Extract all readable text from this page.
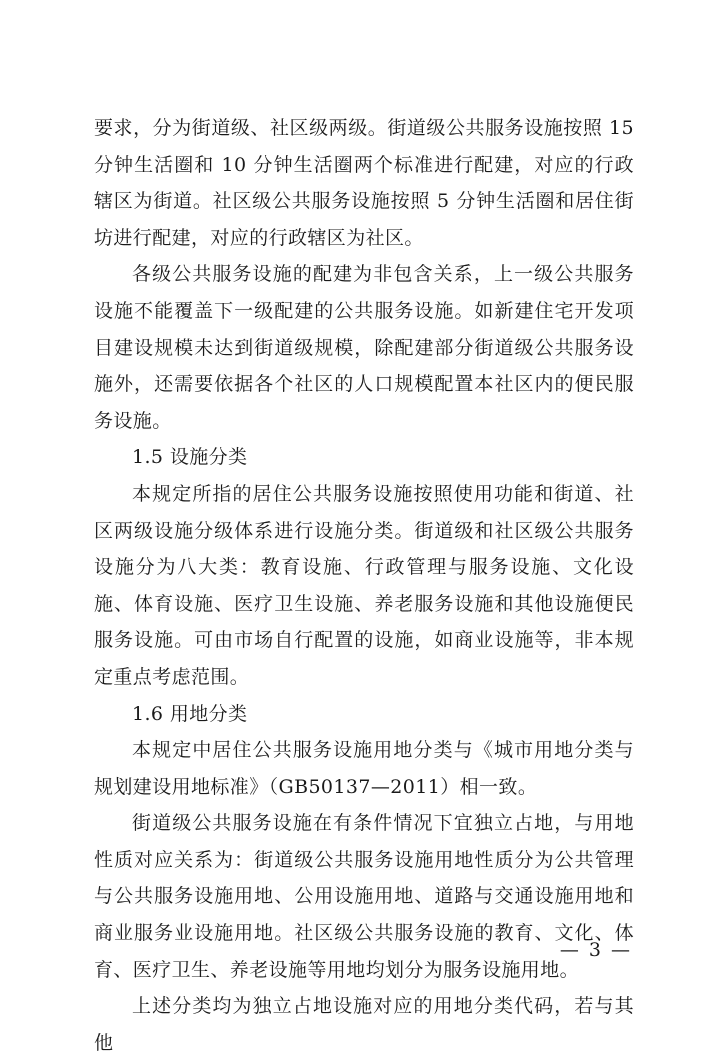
要求，分为街道级、社区级两级。街道级公共服务设施按照 15 分钟生活圈和 10 分钟生活圈两个标准进行配建，对应的行政辖区为街道。社区级公共服务设施按照 5 分钟生活圈和居住街坊进行配建，对应的行政辖区为社区。

各级公共服务设施的配建为非包含关系，上一级公共服务设施不能覆盖下一级配建的公共服务设施。如新建住宅开发项目建设规模未达到街道级规模，除配建部分街道级公共服务设施外，还需要依据各个社区的人口规模配置本社区内的便民服务设施。

1.5 设施分类

本规定所指的居住公共服务设施按照使用功能和街道、社区两级设施分级体系进行设施分类。街道级和社区级公共服务设施分为八大类：教育设施、行政管理与服务设施、文化设施、体育设施、医疗卫生设施、养老服务设施和其他设施便民服务设施。可由市场自行配置的设施，如商业设施等，非本规定重点考虑范围。

1.6 用地分类

本规定中居住公共服务设施用地分类与《城市用地分类与规划建设用地标准》（GB50137—2011）相一致。

街道级公共服务设施在有条件情况下宜独立占地，与用地性质对应关系为：街道级公共服务设施用地性质分为公共管理与公共服务设施用地、公用设施用地、道路与交通设施用地和商业服务业设施用地。社区级公共服务设施的教育、文化、体育、医疗卫生、养老设施等用地均划分为服务设施用地。

上述分类均为独立占地设施对应的用地分类代码，若与其他

— 3 —
